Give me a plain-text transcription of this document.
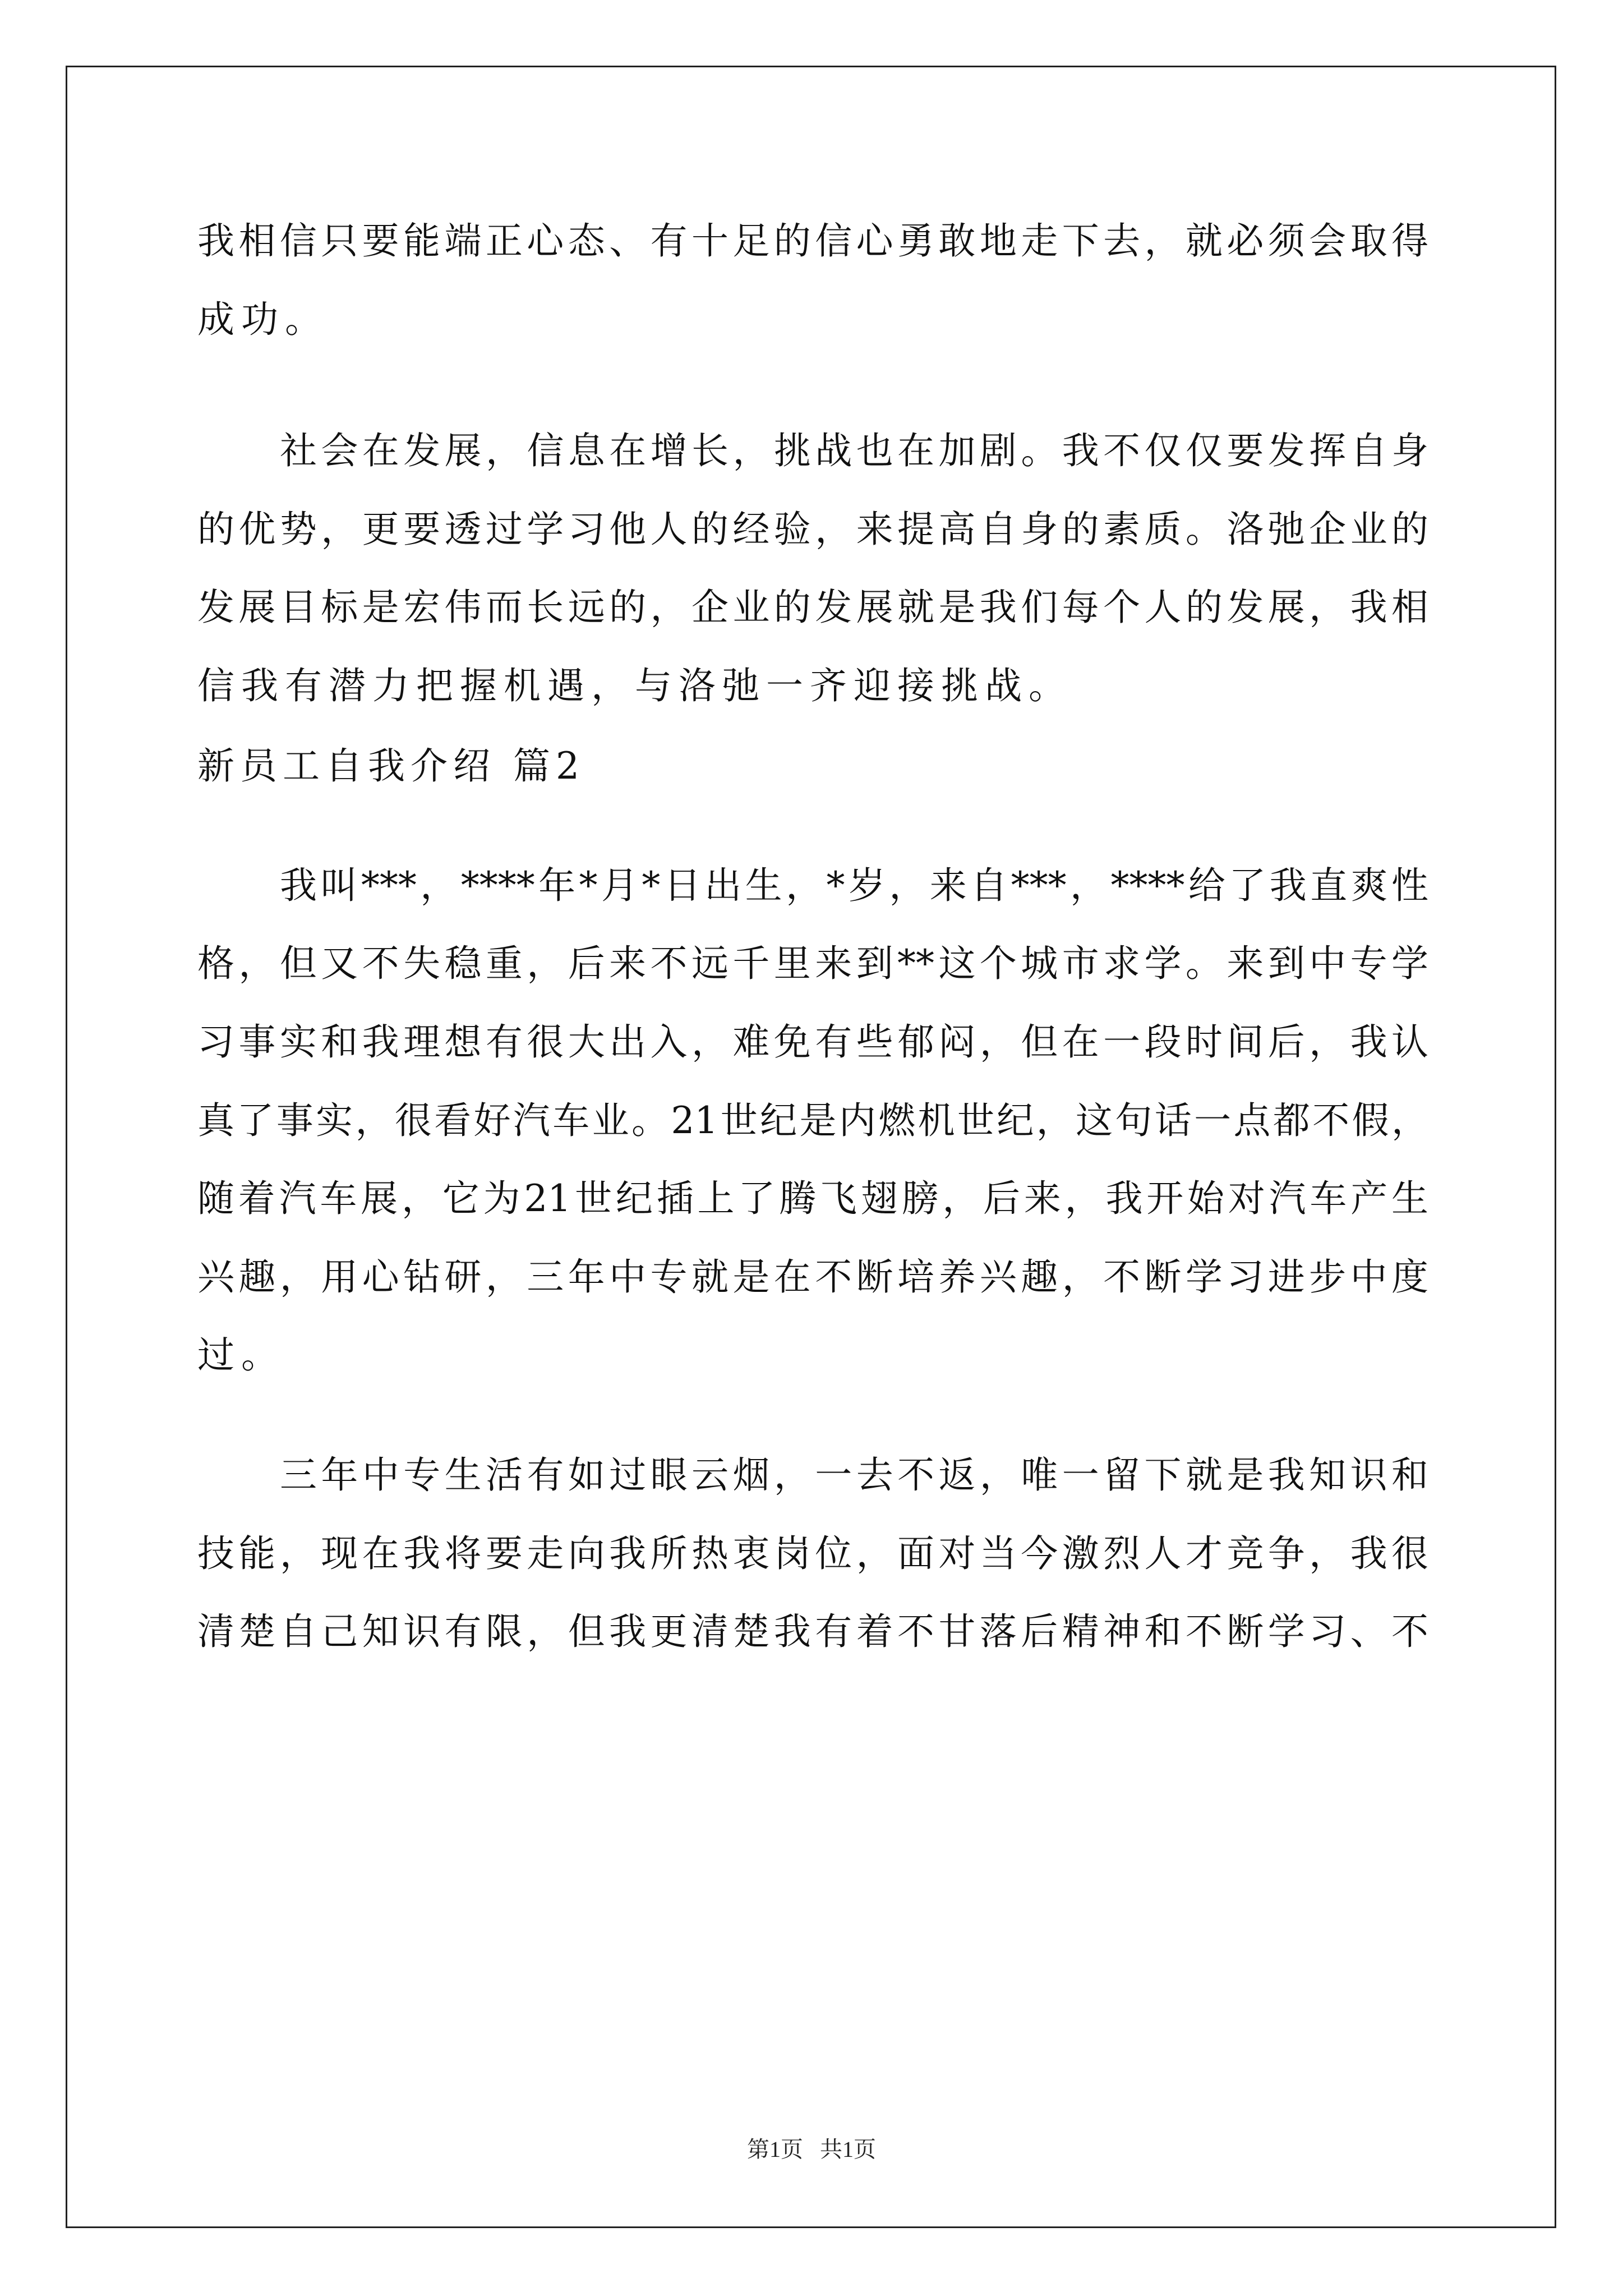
我相信只要能端正心态、有十足的信心勇敢地走下去，就必须会取得
成功。
社会在发展，信息在增长，挑战也在加剧。我不仅仅要发挥自身
的优势，更要透过学习他人的经验，来提高自身的素质。洛弛企业的
发展目标是宏伟而长远的，企业的发展就是我们每个人的发展，我相
信我有潜力把握机遇，与洛弛一齐迎接挑战。
新员工自我介绍 篇2
我叫***，****年*月*日出生，*岁，来自***，****给了我直爽性
格，但又不失稳重，后来不远千里来到**这个城市求学。来到中专学
习事实和我理想有很大出入，难免有些郁闷，但在一段时间后，我认
真了事实，很看好汽车业。21世纪是内燃机世纪，这句话一点都不假，
随着汽车展，它为21世纪插上了腾飞翅膀，后来，我开始对汽车产生
兴趣，用心钻研，三年中专就是在不断培养兴趣，不断学习进步中度
过。
三年中专生活有如过眼云烟，一去不返，唯一留下就是我知识和
技能，现在我将要走向我所热衷岗位，面对当今激烈人才竞争，我很
清楚自己知识有限，但我更清楚我有着不甘落后精神和不断学习、不
第1页 共1页
